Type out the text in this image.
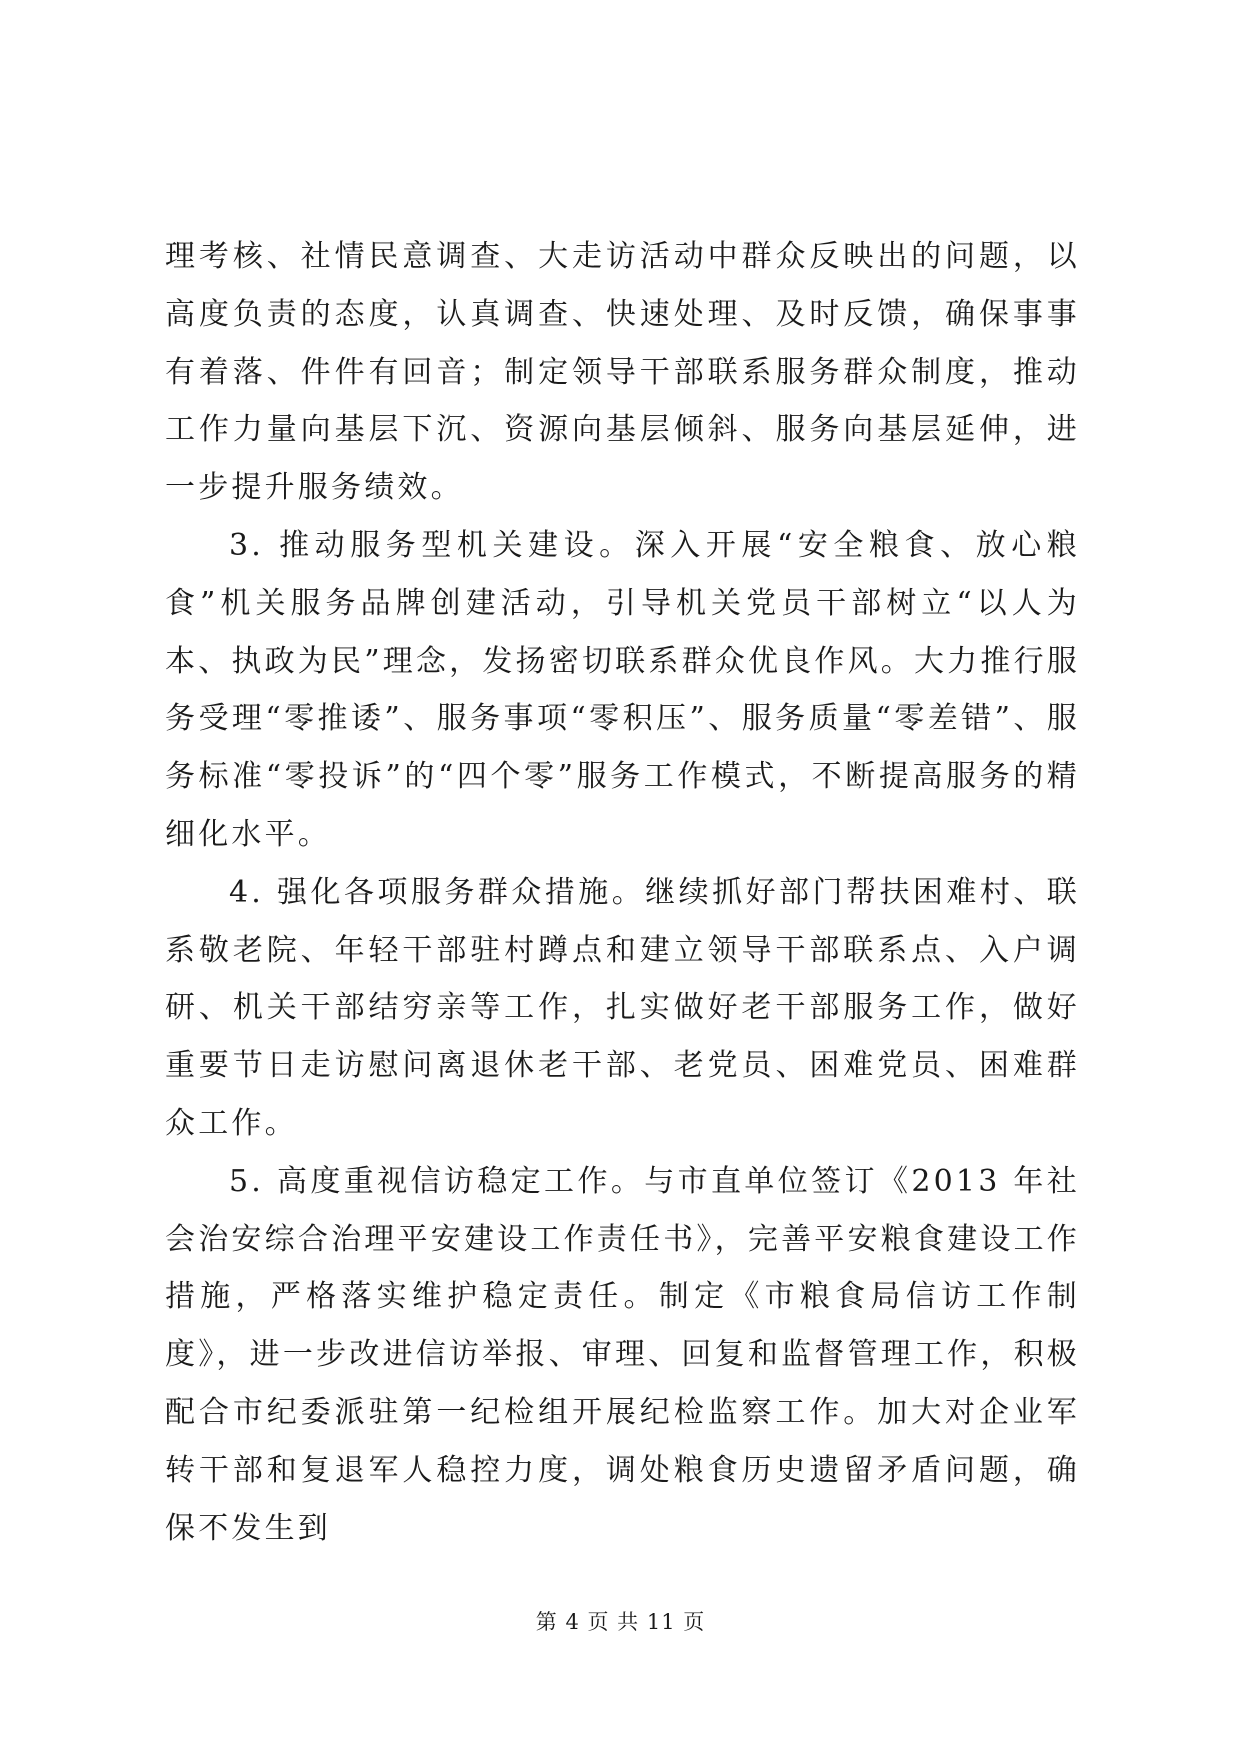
理考核、社情民意调查、大走访活动中群众反映出的问题，以高度负责的态度，认真调查、快速处理、及时反馈，确保事事有着落、件件有回音；制定领导干部联系服务群众制度，推动工作力量向基层下沉、资源向基层倾斜、服务向基层延伸，进一步提升服务绩效。

3. 推动服务型机关建设。深入开展“安全粮食、放心粮食”机关服务品牌创建活动，引导机关党员干部树立“以人为本、执政为民”理念，发扬密切联系群众优良作风。大力推行服务受理“零推诿”、服务事项“零积压”、服务质量“零差错”、服务标准“零投诉”的“四个零”服务工作模式，不断提高服务的精细化水平。

4. 强化各项服务群众措施。继续抓好部门帮扶困难村、联系敬老院、年轻干部驻村蹲点和建立领导干部联系点、入户调研、机关干部结穷亲等工作，扎实做好老干部服务工作，做好重要节日走访慰问离退休老干部、老党员、困难党员、困难群众工作。

5. 高度重视信访稳定工作。与市直单位签订《2013 年社会治安综合治理平安建设工作责任书》，完善平安粮食建设工作措施，严格落实维护稳定责任。制定《市粮食局信访工作制度》，进一步改进信访举报、审理、回复和监督管理工作，积极配合市纪委派驻第一纪检组开展纪检监察工作。加大对企业军转干部和复退军人稳控力度，调处粮食历史遗留矛盾问题，确保不发生到

第 4 页 共 11 页
